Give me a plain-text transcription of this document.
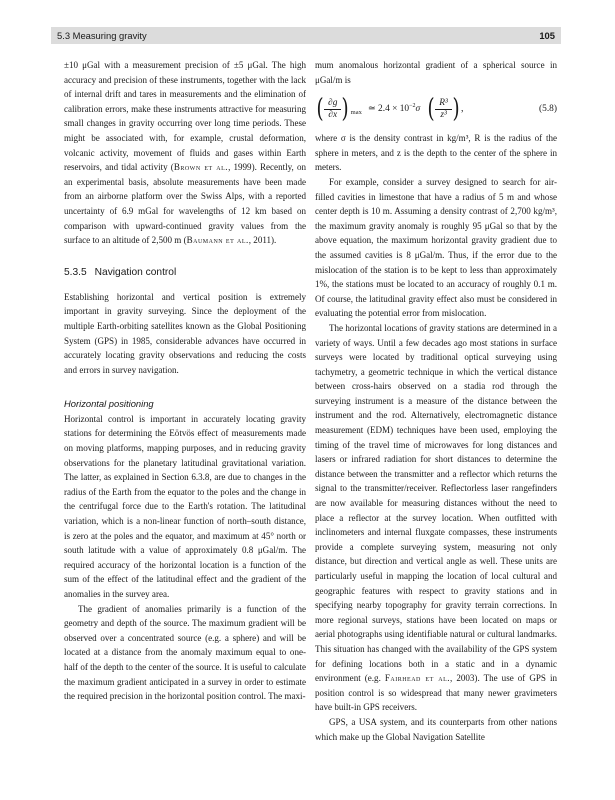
5.3 Measuring gravity	105

±10 μGal with a measurement precision of ±5 μGal. The high accuracy and precision of these instruments, together with the lack of internal drift and tares in measurements and the elimination of calibration errors, make these instruments attractive for measuring small changes in gravity occurring over long time periods. These might be associated with, for example, crustal deformation, volcanic activity, movement of fluids and gases within Earth reservoirs, and tidal activity (Brown et al., 1999). Recently, on an experimental basis, absolute measurements have been made from an airborne platform over the Swiss Alps, with a reported uncertainty of 6.9 mGal for wavelengths of 12 km based on comparison with upward-continued gravity values from the surface to an altitude of 2,500 m (Baumann et al., 2011).

5.3.5 Navigation control

Establishing horizontal and vertical position is extremely important in gravity surveying. Since the deployment of the multiple Earth-orbiting satellites known as the Global Positioning System (GPS) in 1985, considerable advances have occurred in accurately locating gravity observations and reducing the costs and errors in survey navigation.

Horizontal positioning

Horizontal control is important in accurately locating gravity stations for determining the Eötvös effect of measurements made on moving platforms, mapping purposes, and in reducing gravity observations for the planetary latitudinal gravitational variation. The latter, as explained in Section 6.3.8, are due to changes in the radius of the Earth from the equator to the poles and the change in the centrifugal force due to the Earth's rotation. The latitudinal variation, which is a non-linear function of north–south distance, is zero at the poles and the equator, and maximum at 45° north or south latitude with a value of approximately 0.8 μGal/m. The required accuracy of the horizontal location is a function of the sum of the effect of the latitudinal effect and the gradient of the anomalies in the survey area.

The gradient of anomalies primarily is a function of the geometry and depth of the source. The maximum gradient will be observed over a concentrated source (e.g. a sphere) and will be located at a distance from the anomaly maximum equal to one-half of the depth to the center of the source. It is useful to calculate the maximum gradient anticipated in a survey in order to estimate the required precision in the horizontal position control. The maxi-

mum anomalous horizontal gradient of a spherical source in μGal/m is

( $\frac{\partial g}{\partial x}$ ) max ≃ $2.4 \times 10^{-2}\sigma$ ( $\frac{\text{R³}}{\text{z³}}$ ) ,	(5.8)

where σ is the density contrast in kg/m³, R is the radius of the sphere in meters, and z is the depth to the center of the sphere in meters.

For example, consider a survey designed to search for air-filled cavities in limestone that have a radius of 5 m and whose center depth is 10 m. Assuming a density contrast of 2,700 kg/m³, the maximum gravity anomaly is roughly 95 μGal so that by the above equation, the maximum horizontal gravity gradient due to the assumed cavities is 8 μGal/m. Thus, if the error due to the mislocation of the station is to be kept to less than approximately 1%, the stations must be located to an accuracy of roughly 0.1 m. Of course, the latitudinal gravity effect also must be considered in evaluating the potential error from mislocation.

The horizontal locations of gravity stations are determined in a variety of ways. Until a few decades ago most stations in surface surveys were located by traditional optical surveying using tachymetry, a geometric technique in which the vertical distance between cross-hairs observed on a stadia rod through the surveying instrument is a measure of the distance between the instrument and the rod. Alternatively, electromagnetic distance measurement (EDM) techniques have been used, employing the timing of the travel time of microwaves for long distances and lasers or infrared radiation for short distances to determine the distance between the transmitter and a reflector which returns the signal to the transmitter/receiver. Reflectorless laser rangefinders are now available for measuring distances without the need to place a reflector at the survey location. When outfitted with inclinometers and internal fluxgate compasses, these instruments provide a complete surveying system, measuring not only distance, but direction and vertical angle as well. These units are particularly useful in mapping the location of local cultural and geographic features with respect to gravity stations and in specifying nearby topography for gravity terrain corrections. In more regional surveys, stations have been located on maps or aerial photographs using identifiable natural or cultural landmarks. This situation has changed with the availability of the GPS system for defining locations both in a static and in a dynamic environment (e.g. Fairhead et al., 2003). The use of GPS in position control is so widespread that many newer gravimeters have built-in GPS receivers.

GPS, a USA system, and its counterparts from other nations which make up the Global Navigation Satellite
